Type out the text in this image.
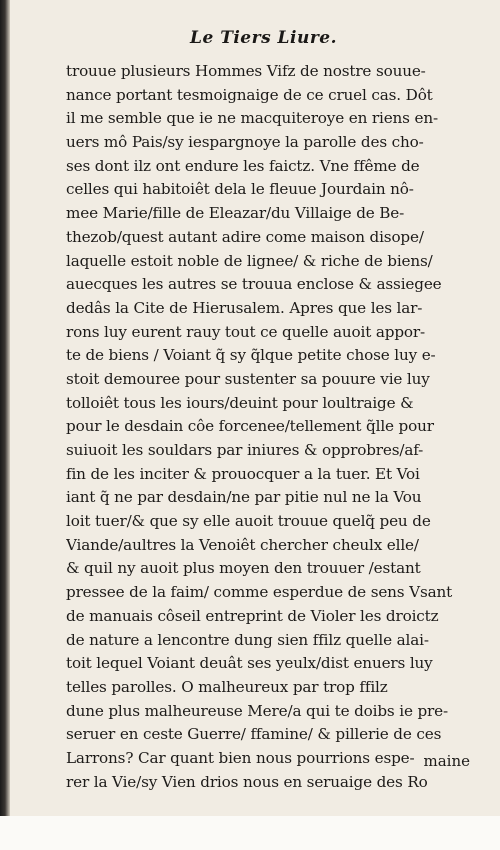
Le Tiers Liure.
trouue plusieurs Hommes Vifz de nostre souue-
nance portant tesmoignaige de ce cruel cas. Dôt
il me semble que ie ne macquiteroye en riens en-
uers mô Pais/sy iespargnoye la parolle des cho-
ses dont ilz ont endure les faictz. Vne ffême de
celles qui habitoiêt dela le fleuue Jourdain nô-
mee Marie/fille de Eleazar/du Villaige de Be-
thezob/quest autant adire come maison disope/
laquelle estoit noble de lignee/ & riche de biens/
auecques les autres se trouua enclose & assiegee
dedâs la Cite de Hierusalem. Apres que les lar-
rons luy eurent rauy tout ce quelle auoit appor-
te de biens / Voiant q̃ sy q̃lque petite chose luy e-
stoit demouree pour sustenter sa pouure vie luy
tolloiêt tous les iours/deuint pour loultraige &
pour le desdain côe forcenee/tellement q̃lle pour
suiuoit les souldars par iniures & opprobres/af-
fin de les inciter & prouocquer a la tuer. Et Voi
iant q̃ ne par desdain/ne par pitie nul ne la Vou
loit tuer/& que sy elle auoit trouue quelq̃ peu de
Viande/aultres la Venoiêt chercher cheulx elle/
& quil ny auoit plus moyen den trouuer /estant
pressee de la faim/ comme esperdue de sens Vsant
de manuais côseil entreprint de Violer les droictz
de nature a lencontre dung sien ffilz quelle alai-
toit lequel Voiant deuât ses yeulx/dist enuers luy
telles parolles. O malheureux par trop ffilz
dune plus malheureuse Mere/a qui te doibs ie pre-
seruer en ceste Guerre/ ffamine/ & pillerie de ces
Larrons? Car quant bien nous pourrions espe-
rer la Vie/sy Vien drios nous en seruaige des Ro
maine
